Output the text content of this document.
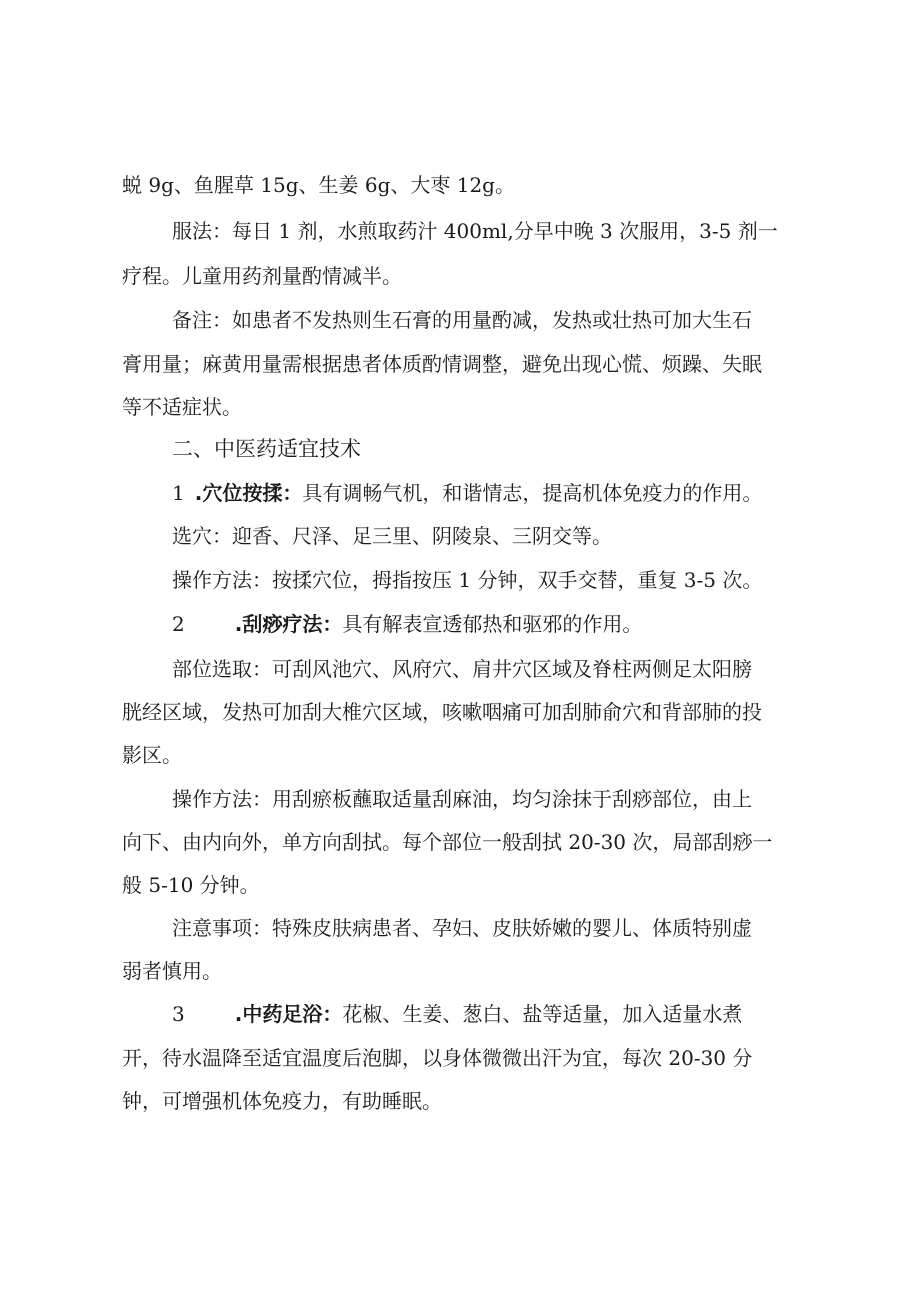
蜕 9g、鱼腥草 15g、生姜 6g、大枣 12g。
服法：每日 1 剂，水煎取药汁 400ml,分早中晚 3 次服用，3-5 剂一
疗程。儿童用药剂量酌情减半。
备注：如患者不发热则生石膏的用量酌减，发热或壮热可加大生石
膏用量；麻黄用量需根据患者体质酌情调整，避免出现心慌、烦躁、失眠
等不适症状。
二、中医药适宜技术
1 .穴位按揉：具有调畅气机，和谐情志，提高机体免疫力的作用。
选穴：迎香、尺泽、足三里、阴陵泉、三阴交等。
操作方法：按揉穴位，拇指按压 1 分钟，双手交替，重复 3-5 次。
2	.刮痧疗法：具有解表宣透郁热和驱邪的作用。
部位选取：可刮风池穴、风府穴、肩井穴区域及脊柱两侧足太阳膀
胱经区域，发热可加刮大椎穴区域，咳嗽咽痛可加刮肺俞穴和背部肺的投
影区。
操作方法：用刮瘀板蘸取适量刮麻油，均匀涂抹于刮痧部位，由上
向下、由内向外，单方向刮拭。每个部位一般刮拭 20-30 次，局部刮痧一
般 5-10 分钟。
注意事项：特殊皮肤病患者、孕妇、皮肤娇嫩的婴儿、体质特别虚
弱者慎用。
3	.中药足浴：花椒、生姜、葱白、盐等适量，加入适量水煮
开，待水温降至适宜温度后泡脚，以身体微微出汗为宜，每次 20-30 分
钟，可增强机体免疫力，有助睡眠。
